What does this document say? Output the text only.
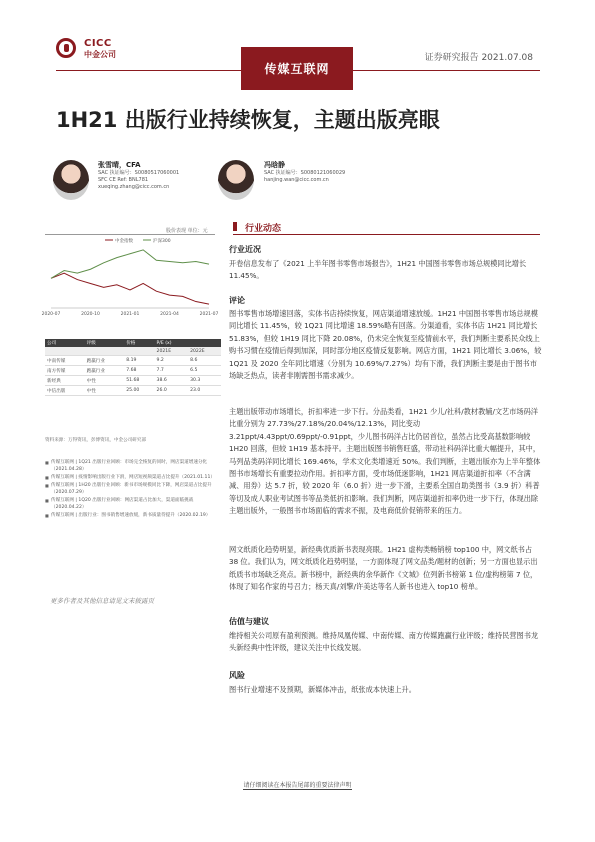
CICC
中金公司
传媒互联网
证券研究报告 2021.07.08
1H21 出版行业持续恢复，主题出版亮眼
张雪晴，CFA
SAC 执证编号：S0080517060001
SFC CE Ref: BNL781
xueqing.zhang@cicc.com.cn
冯晗静
SAC 执证编号：S0080121060029
hanjing.wan@cicc.com.cn
股价表现 单位：元
中金指数	沪深300
2020-07	2020-10	2021-01	2021-04	2021-07
公司	评级	价格	P/E (x)	
			2021E	2022E
中南传媒	跑赢行业	8.19	9.2	8.6
南方传媒	跑赢行业	7.68	7.7	6.5
新经典	中性	51.68	38.6	30.3
中信出版	中性	25.00	26.0	23.0
资料来源：万得资讯，彭博资讯，中金公司研究部
■ 传媒互联网 | 1Q21 出版行业回顾：市场完全恢复的同时，网店渠道增速分化（2021.04.28）
■ 传媒互联网 | 疫情影响出版行业下滑，网店短视频渠道占比提升（2021.01.11）
■ 传媒互联网 | 1H20 出版行业回顾：新书市场规模同比下降，网店渠道占比提升（2020.07.29）
■ 传媒互联网 | 1Q20 出版行业回顾：网店渠道占比加大，渠道面临挑战（2020.04.22）
■ 传媒互联网 | 出版行业：图书销售增速放缓，新书质量待提升（2020.02.19）
更多作者及其他信息请见文末披露页
行业动态
行业近况
开卷信息发布了《2021 上半年图书零售市场报告》，1H21 中国图书零售市场总规模同比增长 11.45%。
评论
图书零售市场增速回落，实体书店持续恢复，网店渠道增速放缓。1H21 中国图书零售市场总规模同比增长 11.45%，较 1Q21 同比增速 18.59%略有回落。分渠道看，实体书店 1H21 同比增长 51.83%，但较 1H19 同比下降 20.08%，仍未完全恢复至疫情前水平，我们判断主要系民众线上购书习惯在疫情后得到加深，同时部分地区疫情反复影响。网店方面，1H21 同比增长 3.06%，较 1Q21 及 2020 全年同比增速（分别为 10.69%/7.27%）均有下滑，我们判断主要是由于图书市场缺乏热点，读者非刚需图书需求减少。
主题出版带动市场增长，折扣率进一步下行。分品类看，1H21 少儿/社科/教材教辅/文艺市场码洋比重分别为 27.73%/27.18%/20.04%/12.13%，同比变动 3.21ppt/4.43ppt/0.69ppt/-0.91ppt，少儿图书码洋占比仍居首位，虽然占比受高基数影响较 1H20 回落，但较 1H19 基本持平。主题出版图书销售旺盛，带动社科码洋比重大幅提升，其中，马列品类码洋同比增长 169.46%，学术文化类增速近 50%。我们判断，主题出版亦为上半年整体图书市场增长有重要拉动作用。折扣率方面，受市场低迷影响，1H21 网店渠道折扣率（不含满减、用券）达 5.7 折，较 2020 年（6.0 折）进一步下滑，主要系全国自助类图书（3.9 折）科普等切及成人职业考试图书等品类低折扣影响。我们判断，网店渠道折扣率仍进一步下行，体现出除主题出版外，一般图书市场面临的需求不振，及电商低价促销带来的压力。
网文纸质化趋势明显，新经典优质新书表现亮眼。1H21 虚构类畅销榜 top100 中，网文纸书占 38 位。我们认为，网文纸质化趋势明显，一方面体现了网文品类/题材的创新；另一方面也显示出纸质书市场缺乏亮点。新书榜中，新经典的余华新作《文城》位列新书榜第 1 位/虚构榜第 7 位，体现了知名作家的号召力；杨天真/刘擎/许美达等名人新书也进入 top10 榜单。
估值与建议
维持相关公司原有盈利预测。维持凤凰传媒、中南传媒、南方传媒跑赢行业评级；维持民营图书龙头新经典中性评级，建议关注中长线发展。
风险
图书行业增速不及预期，新媒体冲击，纸张成本快速上升。
请仔细阅读在本报告尾部的重要法律声明
